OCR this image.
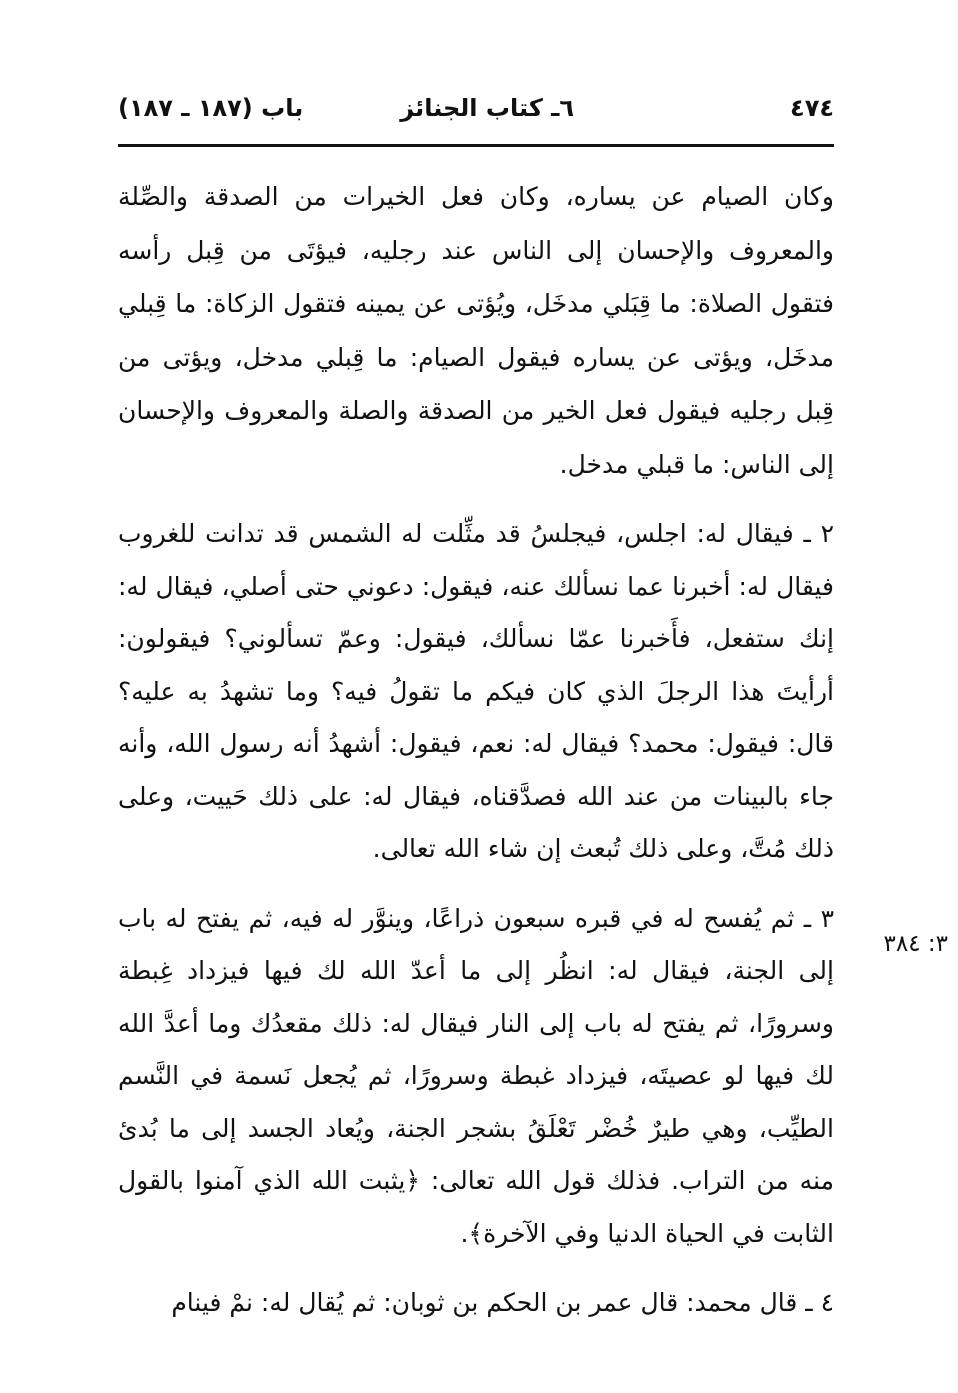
٤٧٤
٦ـ كتاب الجنائز
باب (١٨٧ ـ ١٨٧)

وكان الصيام عن يساره، وكان فعل الخيرات من الصدقة والصِّلة والمعروف والإحسان إلى الناس عند رجليه، فيؤتَى من قِبل رأسه فتقول الصلاة: ما قِبَلي مدخَل، ويُؤتى عن يمينه فتقول الزكاة: ما قِبلي مدخَل، ويؤتى عن يساره فيقول الصيام: ما قِبلي مدخل، ويؤتى من قِبل رجليه فيقول فعل الخير من الصدقة والصلة والمعروف والإحسان إلى الناس: ما قبلي مدخل.

٢ ـ فيقال له: اجلس، فيجلسُ قد مثِّلت له الشمس قد تدانت للغروب فيقال له: أخبرنا عما نسألك عنه، فيقول: دعوني حتى أصلي، فيقال له: إنك ستفعل، فأَخبرنا عمّا نسألك، فيقول: وعمّ تسألوني؟ فيقولون: أرأيتَ هذا الرجلَ الذي كان فيكم ما تقولُ فيه؟ وما تشهدُ به عليه؟ قال: فيقول: محمد؟ فيقال له: نعم، فيقول: أشهدُ أنه رسول الله، وأنه جاء بالبينات من عند الله فصدَّقناه، فيقال له: على ذلك حَييت، وعلى ذلك مُتَّ، وعلى ذلك تُبعث إن شاء الله تعالى.

٣ ـ ثم يُفسح له في قبره سبعون ذراعًا، وينوَّر له فيه، ثم يفتح له باب إلى الجنة، فيقال له: انظُر إلى ما أعدّ الله لك فيها فيزداد غِبطة وسرورًا، ثم يفتح له باب إلى النار فيقال له: ذلك مقعدُك وما أعدَّ الله لك فيها لو عصيتَه، فيزداد غبطة وسرورًا، ثم يُجعل نَسمة في النَّسم الطيِّب، وهي طيرٌ خُضْر تَعْلَقُ بشجر الجنة، ويُعاد الجسد إلى ما بُدئ منه من التراب. فذلك قول الله تعالى: ﴿يثبت الله الذي آمنوا بالقول الثابت في الحياة الدنيا وفي الآخرة﴾.

٤ ـ قال محمد: قال عمر بن الحكم بن ثوبان: ثم يُقال له: نمْ فينام

٣: ٣٨٤
